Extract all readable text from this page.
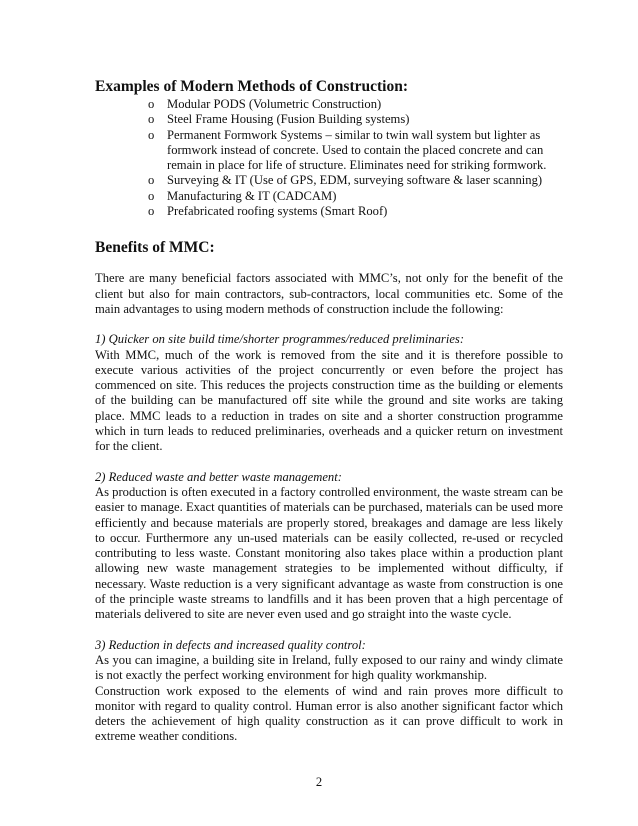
Examples of Modern Methods of Construction:
o Modular PODS (Volumetric Construction)
o Steel Frame Housing (Fusion Building systems)
o Permanent Formwork Systems – similar to twin wall system but lighter as formwork instead of concrete. Used to contain the placed concrete and can remain in place for life of structure. Eliminates need for striking formwork.
o Surveying & IT (Use of GPS, EDM, surveying software & laser scanning)
o Manufacturing & IT (CADCAM)
o Prefabricated roofing systems (Smart Roof)
Benefits of MMC:

There are many beneficial factors associated with MMC’s, not only for the benefit of the client but also for main contractors, sub-contractors, local communities etc. Some of the main advantages to using modern methods of construction include the following:

1) Quicker on site build time/shorter programmes/reduced preliminaries:

With MMC, much of the work is removed from the site and it is therefore possible to execute various activities of the project concurrently or even before the project has commenced on site. This reduces the projects construction time as the building or elements of the building can be manufactured off site while the ground and site works are taking place. MMC leads to a reduction in trades on site and a shorter construction programme which in turn leads to reduced preliminaries, overheads and a quicker return on investment for the client.

2) Reduced waste and better waste management:

As production is often executed in a factory controlled environment, the waste stream can be easier to manage. Exact quantities of materials can be purchased, materials can be used more efficiently and because materials are properly stored, breakages and damage are less likely to occur. Furthermore any un-used materials can be easily collected, re-used or recycled contributing to less waste. Constant monitoring also takes place within a production plant allowing new waste management strategies to be implemented without difficulty, if necessary. Waste reduction is a very significant advantage as waste from construction is one of the principle waste streams to landfills and it has been proven that a high percentage of materials delivered to site are never even used and go straight into the waste cycle.

3) Reduction in defects and increased quality control:

As you can imagine, a building site in Ireland, fully exposed to our rainy and windy climate is not exactly the perfect working environment for high quality workmanship.

Construction work exposed to the elements of wind and rain proves more difficult to monitor with regard to quality control. Human error is also another significant factor which deters the achievement of high quality construction as it can prove difficult to work in extreme weather conditions.

2
